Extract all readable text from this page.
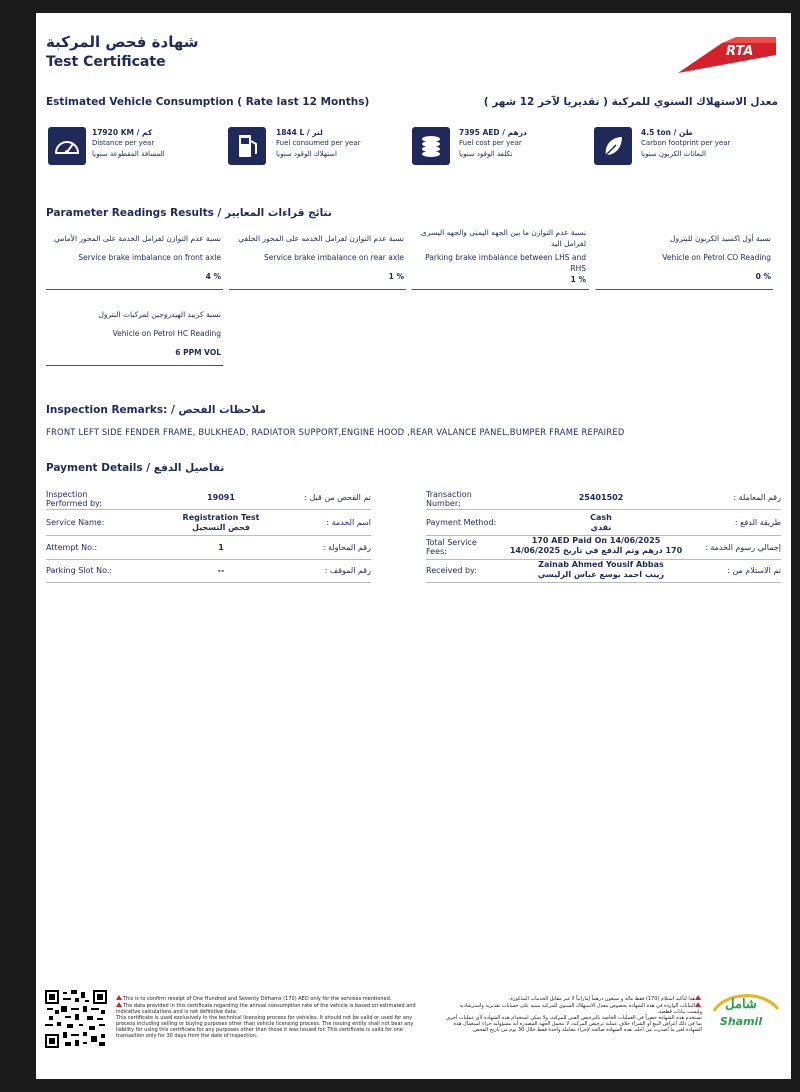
شهادة فحص المركبة
Test Certificate
RTA
Estimated Vehicle Consumption ( Rate last 12 Months)	معدل الاستهلاك السنوي للمركبة ( تقديريا لآخر 12 شهر )
17920 KM / كم
Distance per year
المسافة المقطوعة سنويا
1844 L / لتر
Fuel consumed per year
استهلاك الوقود سنويا
7395 AED / درهم
Fuel cost per year
تكلفة الوقود سنويا
4.5 ton / طن
Carbon footprint per year
البعاثات الكربون سنويا
Parameter Readings Results / نتائج قراءات المعايير
نسبة عدم التوازن لفرامل الخدمة على المحور الأمامي
Service brake imbalance on front axle
4 %
نسبة عدم التوازن لفرامل الخدمه على المحور الخلفي
Service brake imbalance on rear axle
1 %
نسبة عدم التوازن ما بين الجهه اليمنى والجهه اليسرى لفرامل اليد
Parking brake imbalance between LHS and RHS
1 %
نسبة أول اكسيد الكربون للبترول
Vehicle on Petrol CO Reading
0 %
نسبة كربيد الهيدروجين لمركبات البترول
Vehicle on Petrol HC Reading
6 PPM VOL
Inspection Remarks: / ملاحظات الفحص
FRONT LEFT SIDE FENDER FRAME, BULKHEAD, RADIATOR SUPPORT,ENGINE HOOD ,REAR VALANCE PANEL,BUMPER FRAME REPAIRED
Payment Details / تفاصيل الدفع
Inspection Performed by:
19091	تم الفحص من قبل :
Service Name:
Registration Test
فحص التسجيل
اسم الخدمة :
Attempt No.:	1	رقم المحاولة :
Parking Slot No.:	--	رقم الموقف :
Transaction Number:
25401502	رقم المعاملة :
Payment Method:
Cash
نقدي
طريقة الدفع :
Total Service Fees:
170 AED Paid On 14/06/2025
170 درهم وتم الدفع في تاريخ 14/06/2025	إجمالي رسوم الخدمة :
Received by:
Zainab Ahmed Yousif Abbas
زينب احمد يوسع عباس الرليسي	تم الاستلام من :
This is to confirm receipt of One Hundred and Seventy Dirhams (170) AED only for the services mentioned.
The data provided in this certificate regarding the annual consumption rate of the vehicle is based on estimated and indicative calculations and is not definitive data.
This certificate is used exclusively in the technical licensing process for vehicles. It should not be valid or used for any process including selling or buying purposes other than vehicle licensing process. The issuing entity shall not bear any liability for using this certificate for any purposes other than those it was issued for. This certificate is valid for one transaction only for 30 days from the date of inspection.
هذا لتأكيد استلام (170) فقط مائة و سبعون درهماً إماراتياً لا غير مقابل الخدمات المذكورة.
البيانات الواردة في هذه الشهادة بخصوص معدل الاستهلاك السنوي للمركبة مبنية على حسابات تقديرية واسترشادية وليست بيانات قطعية.
تستخدم هذه الشهادة حصراً في العمليات الخاصة بالترخيص الفني للمركبة، ولا يمكن استخدام هذه الشهادة لأي عمليات أخرى بما في ذلك أغراض البيع أو الشراء خلاف عملية ترخيص المركبة، لا تتحمل الجهة المصدرة أية مسؤولية جراء استعمال هذه الشهادة لغير ما أصدرت من أجله، هذه الشهادة صالحة لإجراء معاملة واحدة فقط خلال 30 يوم من تاريخ الفحص.
شامل
Shamil
